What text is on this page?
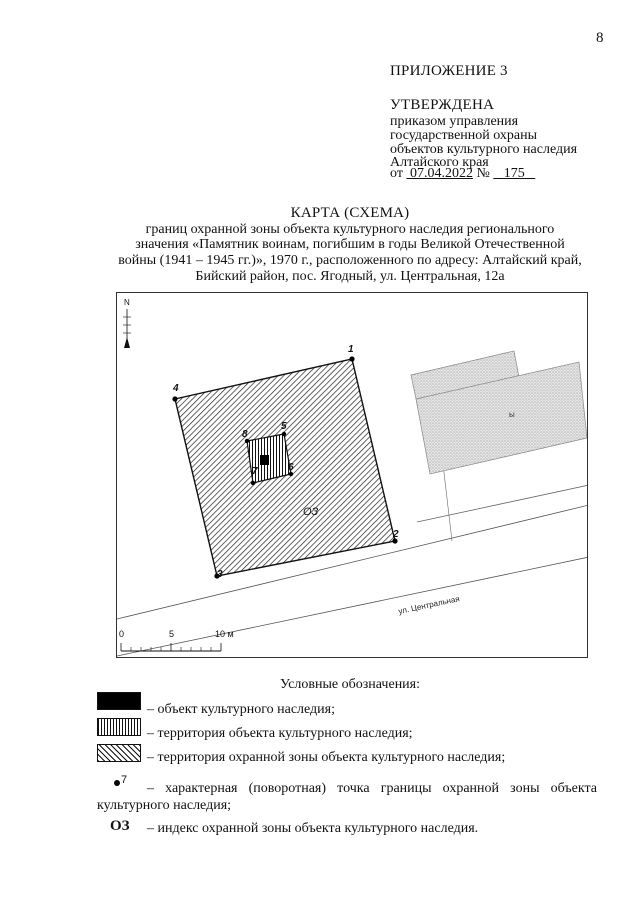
8
ПРИЛОЖЕНИЕ 3
УТВЕРЖДЕНА
приказом управления
государственной охраны
объектов культурного наследия
Алтайского края
от 07.04.2022 № 175
КАРТА (СХЕМА)
границ охранной зоны объекта культурного наследия регионального
значения «Памятник воинам, погибшим в годы Великой Отечественной
войны (1941 – 1945 гг.)», 1970 г., расположенного по адресу: Алтайский край,
Бийский район, пос. Ягодный, ул. Центральная, 12а
ы
1
2
3
4
5
6
7
8
ОЗ
ул. Центральная
N
0	5	10 м
Условные обозначения:
– объект культурного наследия;
– территория объекта культурного наследия;
– территория охранной зоны объекта культурного наследия;
7
– характерная (поворотная) точка границы охранной зоны объекта
культурного наследия;
ОЗ – индекс охранной зоны объекта культурного наследия.
